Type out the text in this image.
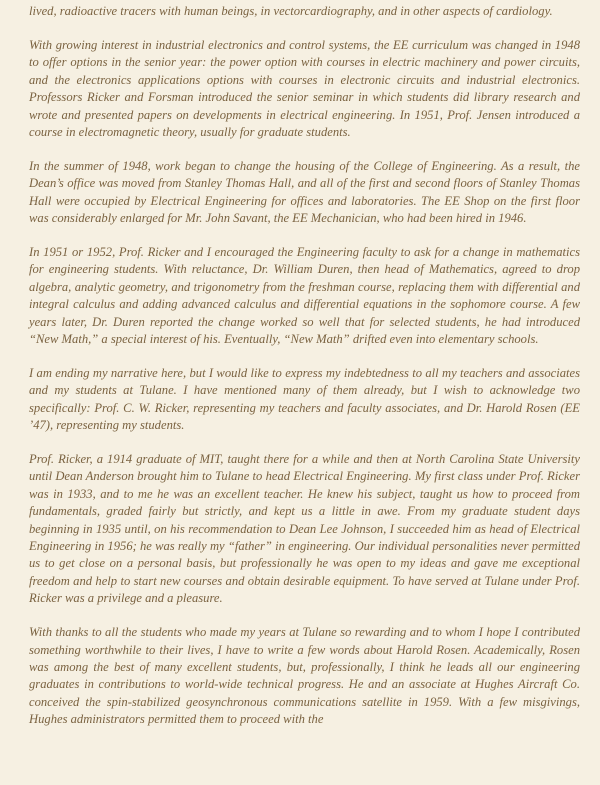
lived, radioactive tracers with human beings, in vectorcardiography, and in other aspects of cardiology.

With growing interest in industrial electronics and control systems, the EE curriculum was changed in 1948 to offer options in the senior year: the power option with courses in electric machinery and power circuits, and the electronics applications options with courses in electronic circuits and industrial electronics. Professors Ricker and Forsman introduced the senior seminar in which students did library research and wrote and presented papers on developments in electrical engineering. In 1951, Prof. Jensen introduced a course in electromagnetic theory, usually for graduate students.

In the summer of 1948, work began to change the housing of the College of Engineering. As a result, the Dean’s office was moved from Stanley Thomas Hall, and all of the first and second floors of Stanley Thomas Hall were occupied by Electrical Engineering for offices and laboratories. The EE Shop on the first floor was considerably enlarged for Mr. John Savant, the EE Mechanician, who had been hired in 1946.

In 1951 or 1952, Prof. Ricker and I encouraged the Engineering faculty to ask for a change in mathematics for engineering students. With reluctance, Dr. William Duren, then head of Mathematics, agreed to drop algebra, analytic geometry, and trigonometry from the freshman course, replacing them with differential and integral calculus and adding advanced calculus and differential equations in the sophomore course. A few years later, Dr. Duren reported the change worked so well that for selected students, he had introduced “New Math,” a special interest of his. Eventually, “New Math” drifted even into elementary schools.

I am ending my narrative here, but I would like to express my indebtedness to all my teachers and associates and my students at Tulane. I have mentioned many of them already, but I wish to acknowledge two specifically: Prof. C. W. Ricker, representing my teachers and faculty associates, and Dr. Harold Rosen (EE ’47), representing my students.

Prof. Ricker, a 1914 graduate of MIT, taught there for a while and then at North Carolina State University until Dean Anderson brought him to Tulane to head Electrical Engineering. My first class under Prof. Ricker was in 1933, and to me he was an excellent teacher. He knew his subject, taught us how to proceed from fundamentals, graded fairly but strictly, and kept us a little in awe. From my graduate student days beginning in 1935 until, on his recommendation to Dean Lee Johnson, I succeeded him as head of Electrical Engineering in 1956; he was really my “father” in engineering. Our individual personalities never permitted us to get close on a personal basis, but professionally he was open to my ideas and gave me exceptional freedom and help to start new courses and obtain desirable equipment. To have served at Tulane under Prof. Ricker was a privilege and a pleasure.

With thanks to all the students who made my years at Tulane so rewarding and to whom I hope I contributed something worthwhile to their lives, I have to write a few words about Harold Rosen. Academically, Rosen was among the best of many excellent students, but, professionally, I think he leads all our engineering graduates in contributions to world-wide technical progress. He and an associate at Hughes Aircraft Co. conceived the spin-stabilized geosynchronous communications satellite in 1959. With a few misgivings, Hughes administrators permitted them to proceed with the
